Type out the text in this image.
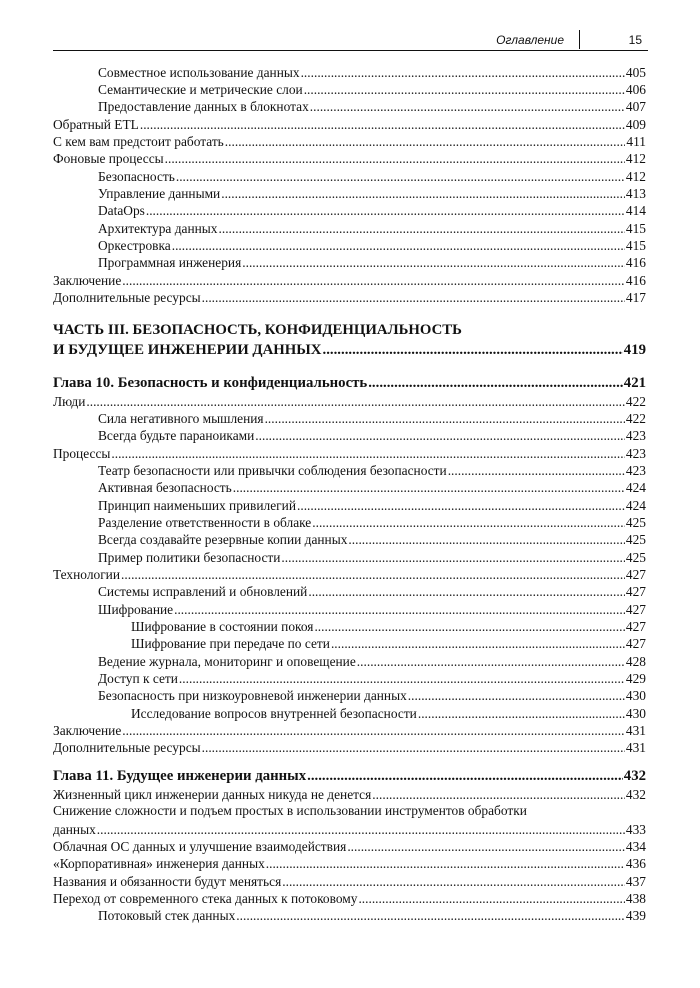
Оглавление	15
Совместное использование данных .....	405
Семантические и метрические слои .....	406
Предоставление данных в блокнотах .....	407
Обратный ETL .....	409
С кем вам предстоит работать .....	411
Фоновые процессы .....	412
Безопасность .....	412
Управление данными .....	413
DataOps .....	414
Архитектура данных .....	415
Оркестровка .....	415
Программная инженерия .....	416
Заключение .....	416
Дополнительные ресурсы .....	417
ЧАСТЬ III. БЕЗОПАСНОСТЬ, КОНФИДЕНЦИАЛЬНОСТЬ
И БУДУЩЕЕ ИНЖЕНЕРИИ ДАННЫХ .....	419
Глава 10. Безопасность и конфиденциальность .....	421
Люди .....	422
Сила негативного мышления .....	422
Всегда будьте параноиками .....	423
Процессы .....	423
Театр безопасности или привычки соблюдения безопасности .....	423
Активная безопасность .....	424
Принцип наименьших привилегий .....	424
Разделение ответственности в облаке .....	425
Всегда создавайте резервные копии данных .....	425
Пример политики безопасности .....	425
Технологии .....	427
Системы исправлений и обновлений .....	427
Шифрование .....	427
Шифрование в состоянии покоя .....	427
Шифрование при передаче по сети .....	427
Ведение журнала, мониторинг и оповещение .....	428
Доступ к сети .....	429
Безопасность при низкоуровневой инженерии данных .....	430
Исследование вопросов внутренней безопасности .....	430
Заключение .....	431
Дополнительные ресурсы .....	431
Глава 11. Будущее инженерии данных .....	432
Жизненный цикл инженерии данных никуда не денется .....	432
Снижение сложности и подъем простых в использовании инструментов обработки
данных .....	433
Облачная ОС данных и улучшение взаимодействия .....	434
«Корпоративная» инженерия данных .....	436
Названия и обязанности будут меняться .....	437
Переход от современного стека данных к потоковому .....	438
Потоковый стек данных .....	439
